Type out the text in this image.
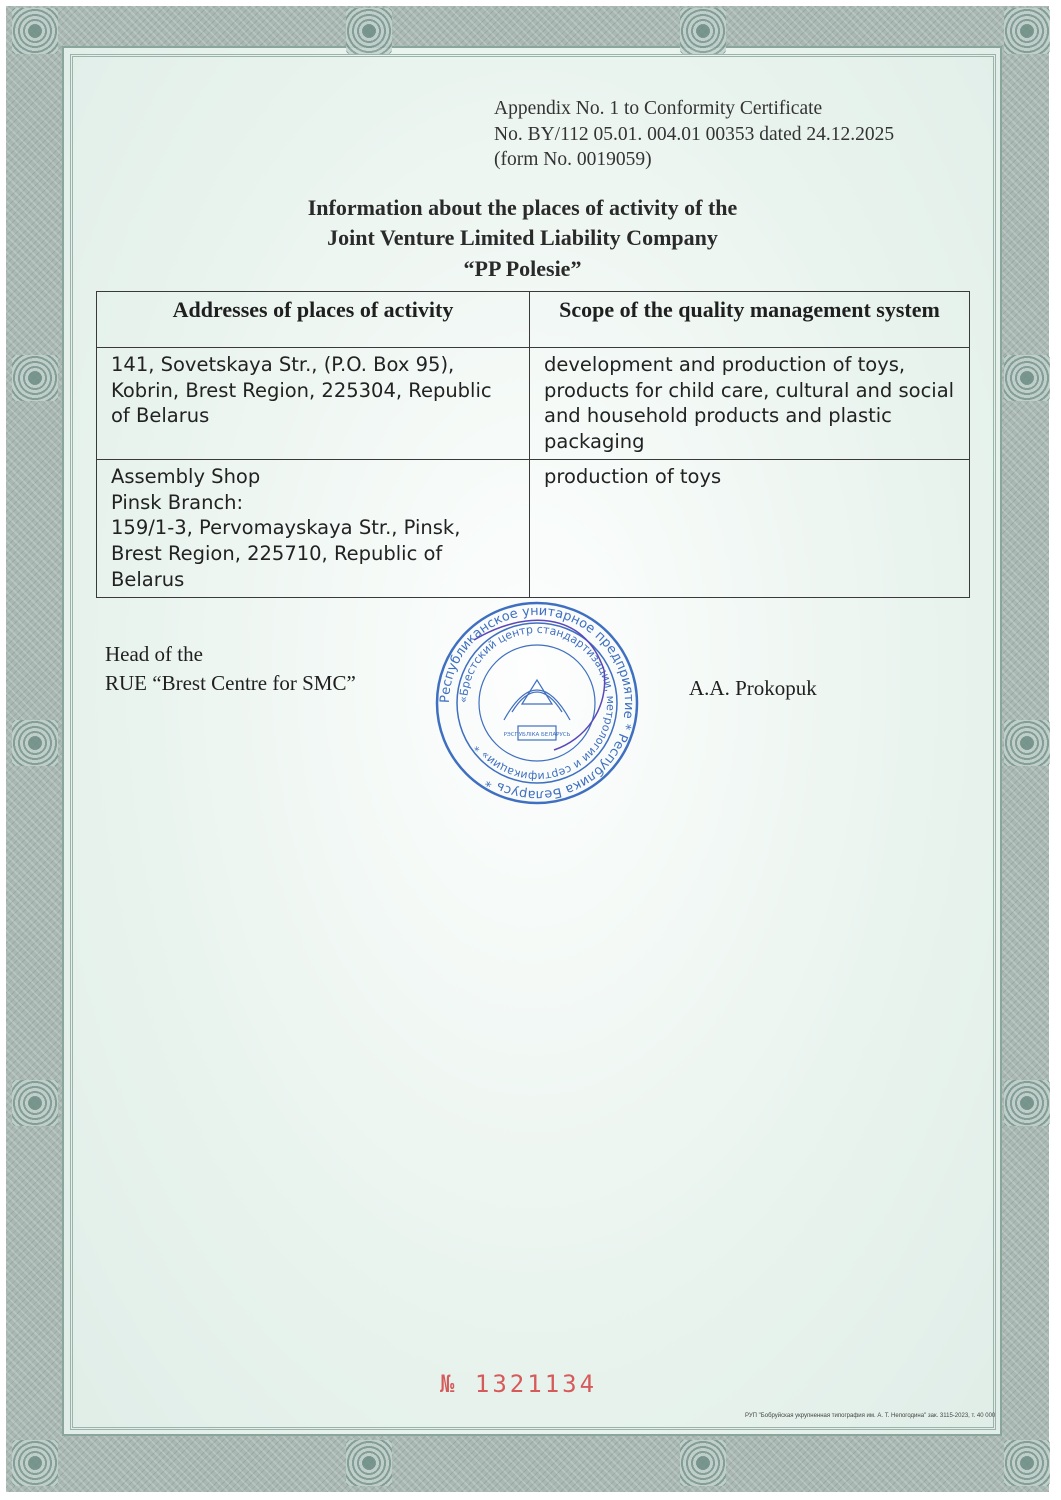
Appendix No. 1 to Conformity Certificate
No. BY/112 05.01. 004.01 00353 dated 24.12.2025
(form No. 0019059)
Information about the places of activity of the
Joint Venture Limited Liability Company
“PP Polesie”
Addresses of places of activity	Scope of the quality management system
141, Sovetskaya Str., (P.O. Box 95), Kobrin, Brest Region, 225304, Republic of Belarus	development and production of toys, products for child care, cultural and social and household products and plastic packaging

Assembly Shop
Pinsk Branch:
159/1-3, Pervomayskaya Str., Pinsk, Brest Region, 225710, Republic of Belarus	production of toys
Head of the
RUE “Brest Centre for SMC”
Республиканское унитарное предприятие * Республика Беларусь *
«Брестский центр стандартизации, метрологии и сертификации» *
РЭСПУБЛІКА БЕЛАРУСЬ
A.A. Prokopuk
№ 1321134
РУП "Бобруйская укрупненная типография им. А. Т. Непогодина" зак. 3115-2023, т. 40 000
